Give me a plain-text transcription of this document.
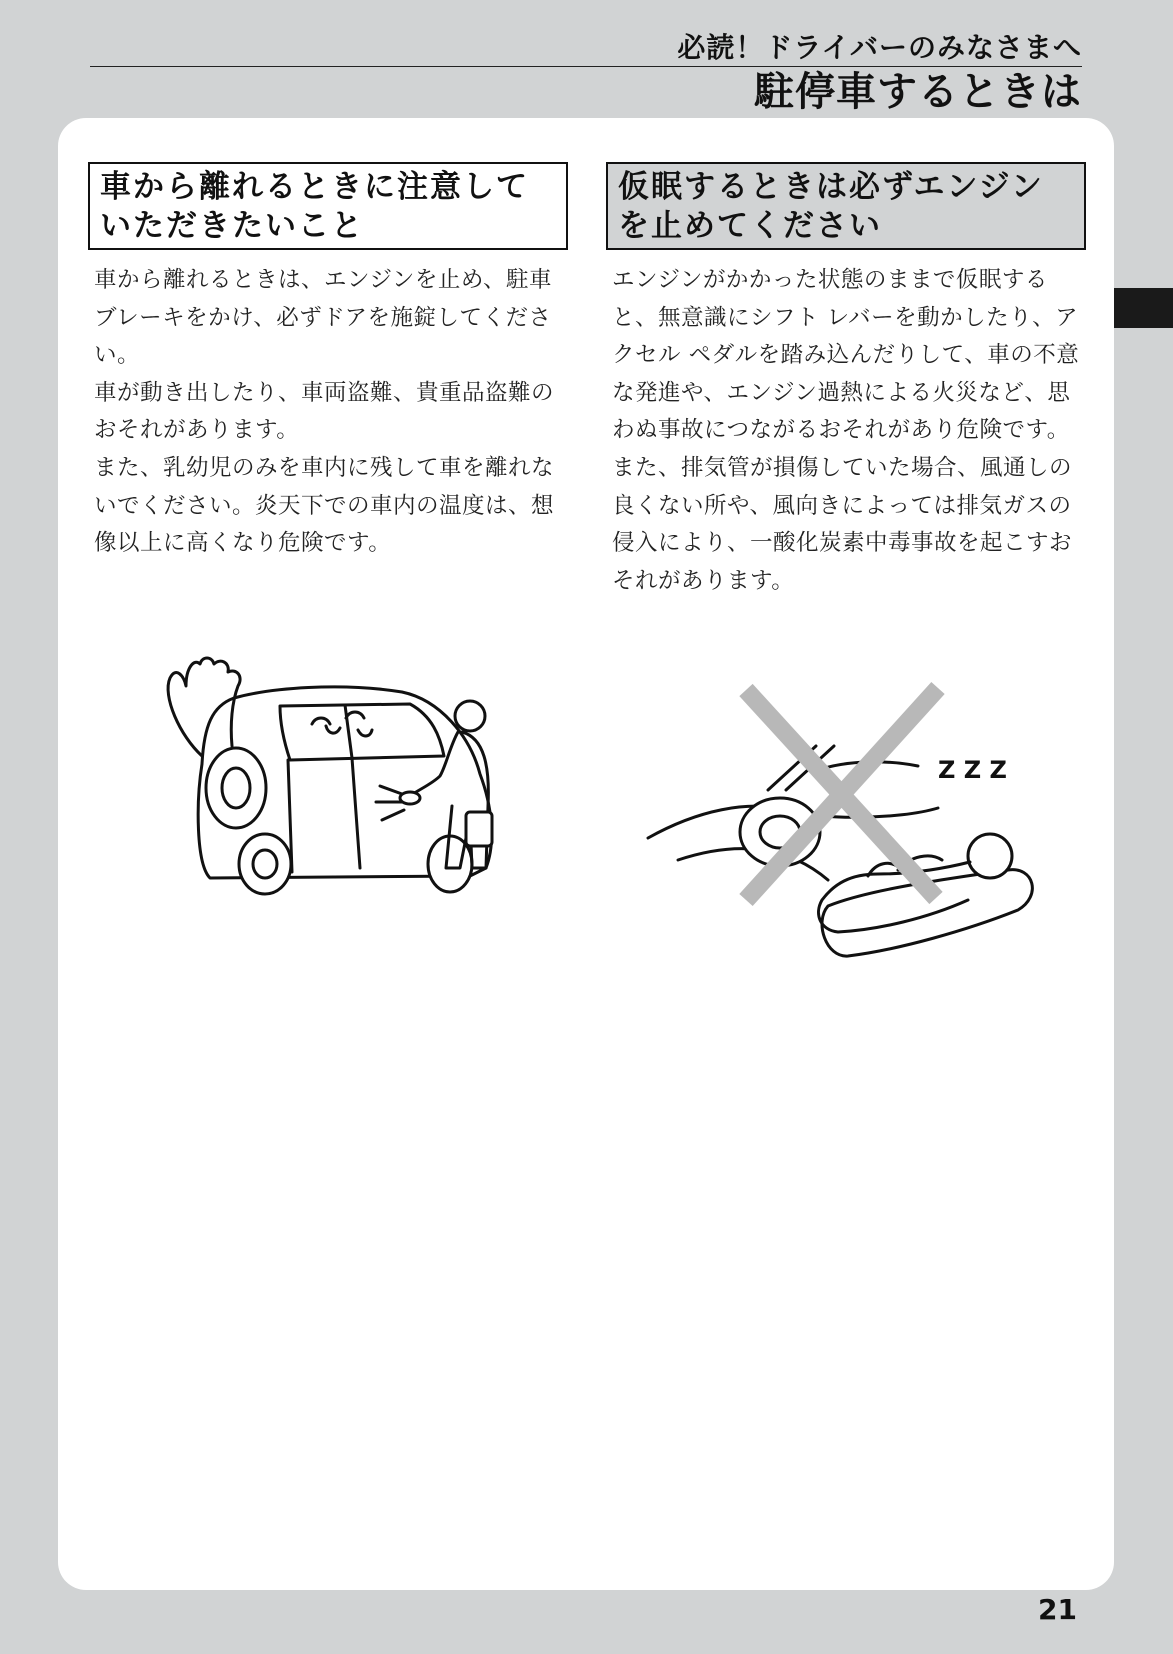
必読！ドライバーのみなさまへ
駐停車するときは
車から離れるときに注意して
いただきたいこと

車から離れるときは、エンジンを止め、駐車ブレーキをかけ、必ずドアを施錠してください。

車が動き出したり、車両盗難、貴重品盗難のおそれがあります。

また、乳幼児のみを車内に残して車を離れないでください。炎天下での車内の温度は、想像以上に高くなり危険です。

仮眠するときは必ずエンジン
を止めてください

エンジンがかかった状態のままで仮眠すると、無意識にシフト レバーを動かしたり、アクセル ペダルを踏み込んだりして、車の不意な発進や、エンジン過熱による火災など、思わぬ事故につながるおそれがあり危険です。

また、排気管が損傷していた場合、風通しの良くない所や、風向きによっては排気ガスの侵入により、一酸化炭素中毒事故を起こすおそれがあります。

Z Z Z
21
